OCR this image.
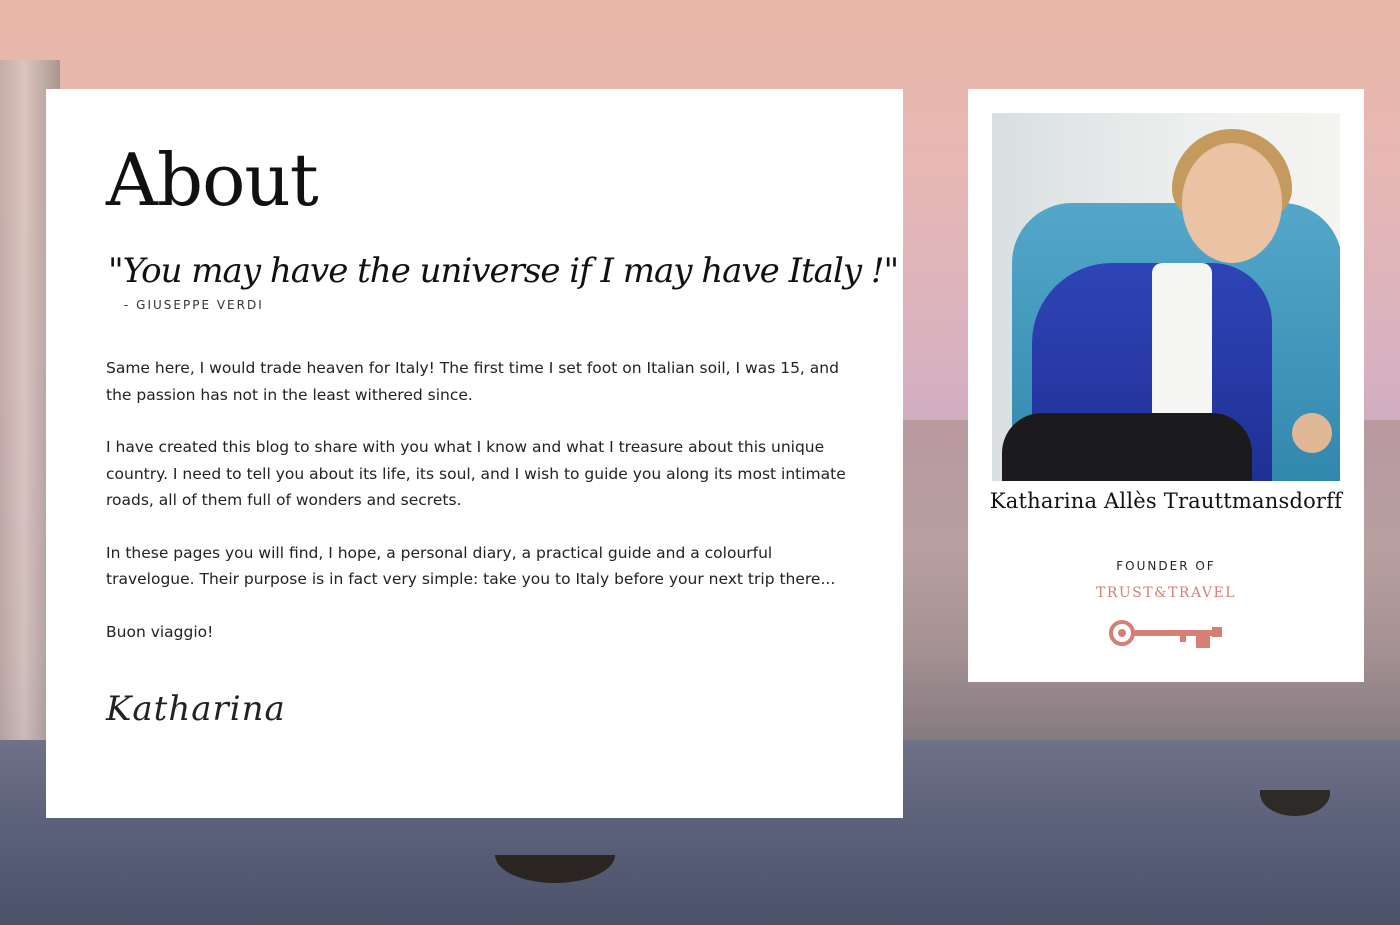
About

"You may have the universe if I may have Italy !"

- GIUSEPPE VERDI

Same here, I would trade heaven for Italy! The first time I set foot on Italian soil, I was 15, and the passion has not in the least withered since.

I have created this blog to share with you what I know and what I treasure about this unique country. I need to tell you about its life, its soul, and I wish to guide you along its most intimate roads, all of them full of wonders and secrets.

In these pages you will find, I hope, a personal diary, a practical guide and a colourful travelogue. Their purpose is in fact very simple: take you to Italy before your next trip there...

Buon viaggio!

Katharina
Katharina Allès Trauttmansdorff
FOUNDER OF
TRUST&TRAVEL
